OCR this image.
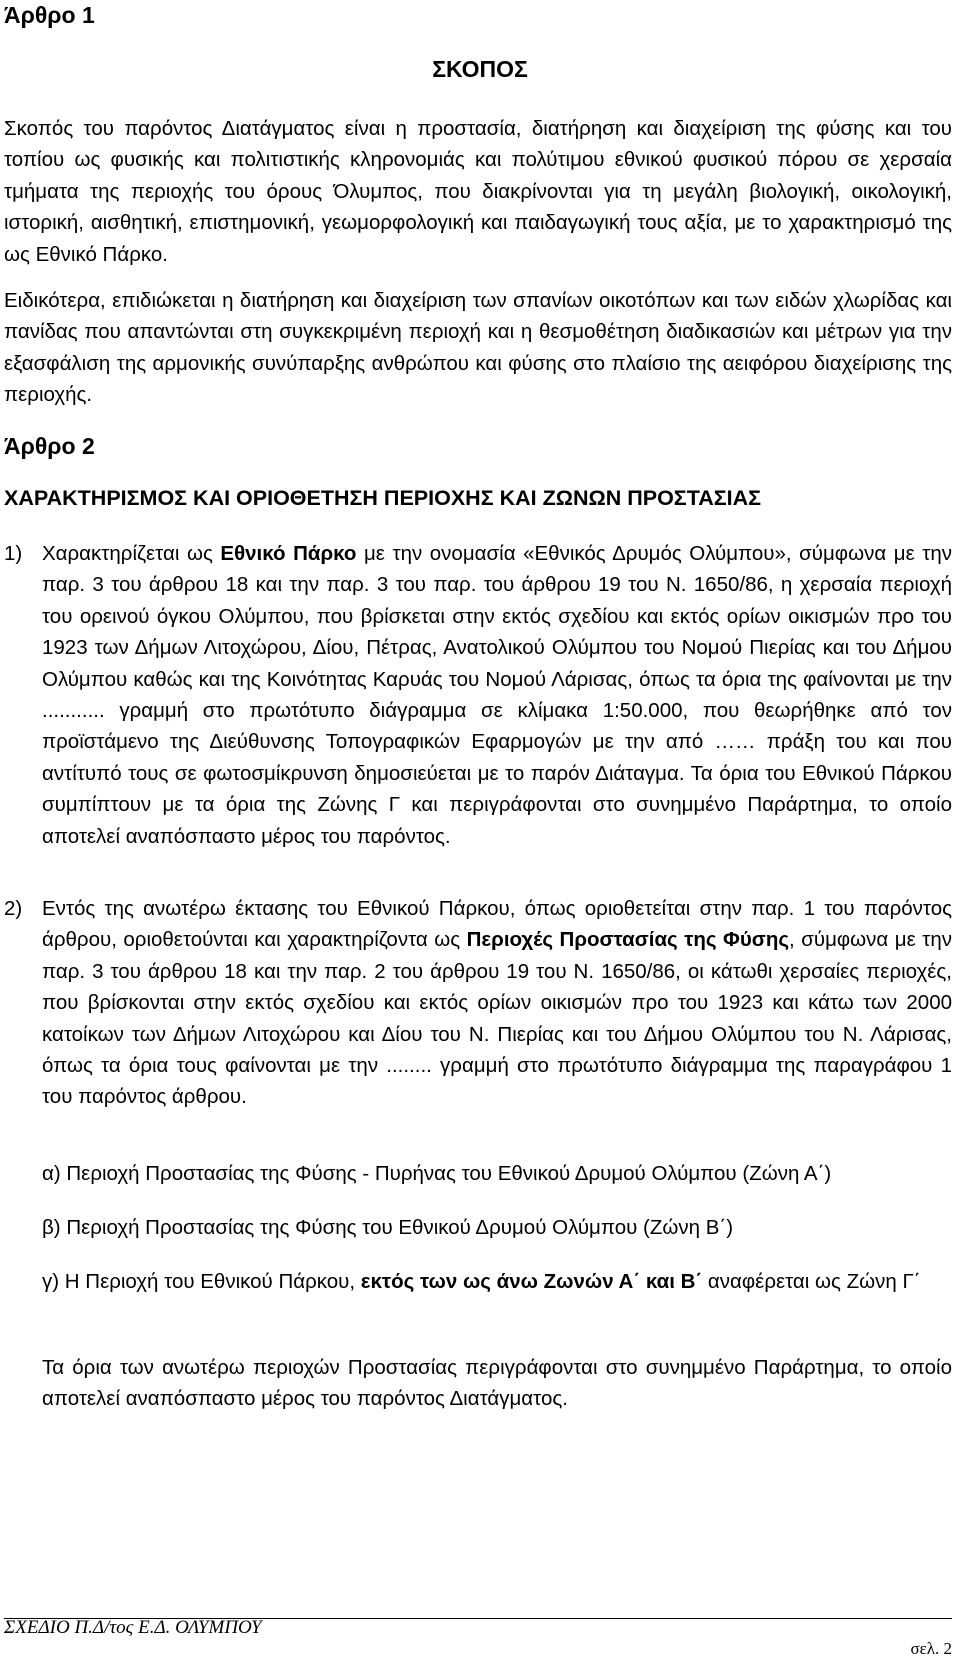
Άρθρο 1
ΣΚΟΠΟΣ

Σκοπός του παρόντος Διατάγματος είναι η προστασία, διατήρηση και διαχείριση της φύσης και του τοπίου ως φυσικής και πολιτιστικής κληρονομιάς και πολύτιμου εθνικού φυσικού πόρου σε χερσαία τμήματα της περιοχής του όρους Όλυμπος, που διακρίνονται για τη μεγάλη βιολογική, οικολογική, ιστορική, αισθητική, επιστημονική, γεωμορφολογική και παιδαγωγική τους αξία, με το χαρακτηρισμό της ως Εθνικό Πάρκο.

Ειδικότερα, επιδιώκεται η διατήρηση και διαχείριση των σπανίων οικοτόπων και των ειδών χλωρίδας και πανίδας που απαντώνται στη συγκεκριμένη περιοχή και η θεσμοθέτηση διαδικασιών και μέτρων για την εξασφάλιση της αρμονικής συνύπαρξης ανθρώπου και φύσης στο πλαίσιο της αειφόρου διαχείρισης της περιοχής.

Άρθρο 2
ΧΑΡΑΚΤΗΡΙΣΜΟΣ ΚΑΙ ΟΡΙΟΘΕΤΗΣΗ ΠΕΡΙΟΧΗΣ ΚΑΙ ΖΩΝΩΝ ΠΡΟΣΤΑΣΙΑΣ
1) Χαρακτηρίζεται ως Εθνικό Πάρκο με την ονομασία «Εθνικός Δρυμός Ολύμπου», σύμφωνα με την παρ. 3 του άρθρου 18 και την παρ. 3 του παρ. του άρθρου 19 του Ν. 1650/86, η χερσαία περιοχή του ορεινού όγκου Ολύμπου, που βρίσκεται στην εκτός σχεδίου και εκτός ορίων οικισμών προ του 1923 των Δήμων Λιτοχώρου, Δίου, Πέτρας, Ανατολικού Ολύμπου του Νομού Πιερίας και του Δήμου Ολύμπου καθώς και της Κοινότητας Καρυάς του Νομού Λάρισας, όπως τα όρια της φαίνονται με την ........... γραμμή στο πρωτότυπο διάγραμμα σε κλίμακα 1:50.000, που θεωρήθηκε από τον προϊστάμενο της Διεύθυνσης Τοπογραφικών Εφαρμογών με την από …… πράξη του και που αντίτυπό τους σε φωτοσμίκρυνση δημοσιεύεται με το παρόν Διάταγμα. Τα όρια του Εθνικού Πάρκου συμπίπτουν με τα όρια της Ζώνης Γ και περιγράφονται στο συνημμένο Παράρτημα, το οποίο αποτελεί αναπόσπαστο μέρος του παρόντος.
2) Εντός της ανωτέρω έκτασης του Εθνικού Πάρκου, όπως οριοθετείται στην παρ. 1 του παρόντος άρθρου, οριοθετούνται και χαρακτηρίζοντα ως Περιοχές Προστασίας της Φύσης, σύμφωνα με την παρ. 3 του άρθρου 18 και την παρ. 2 του άρθρου 19 του Ν. 1650/86, οι κάτωθι χερσαίες περιοχές, που βρίσκονται στην εκτός σχεδίου και εκτός ορίων οικισμών προ του 1923 και κάτω των 2000 κατοίκων των Δήμων Λιτοχώρου και Δίου του Ν. Πιερίας και του Δήμου Ολύμπου του Ν. Λάρισας, όπως τα όρια τους φαίνονται με την ........ γραμμή στο πρωτότυπο διάγραμμα της παραγράφου 1 του παρόντος άρθρου.

α) Περιοχή Προστασίας της Φύσης - Πυρήνας του Εθνικού Δρυμού Ολύμπου (Ζώνη Α΄)

β) Περιοχή Προστασίας της Φύσης του Εθνικού Δρυμού Ολύμπου (Ζώνη Β΄)

γ) Η Περιοχή του Εθνικού Πάρκου, εκτός των ως άνω Ζωνών Α΄ και Β΄ αναφέρεται ως Ζώνη Γ΄

Τα όρια των ανωτέρω περιοχών Προστασίας περιγράφονται στο συνημμένο Παράρτημα, το οποίο αποτελεί αναπόσπαστο μέρος του παρόντος Διατάγματος.

ΣΧΕΔΙΟ Π.Δ/τος Ε.Δ. ΟΛΥΜΠΟΥ
σελ. 2
